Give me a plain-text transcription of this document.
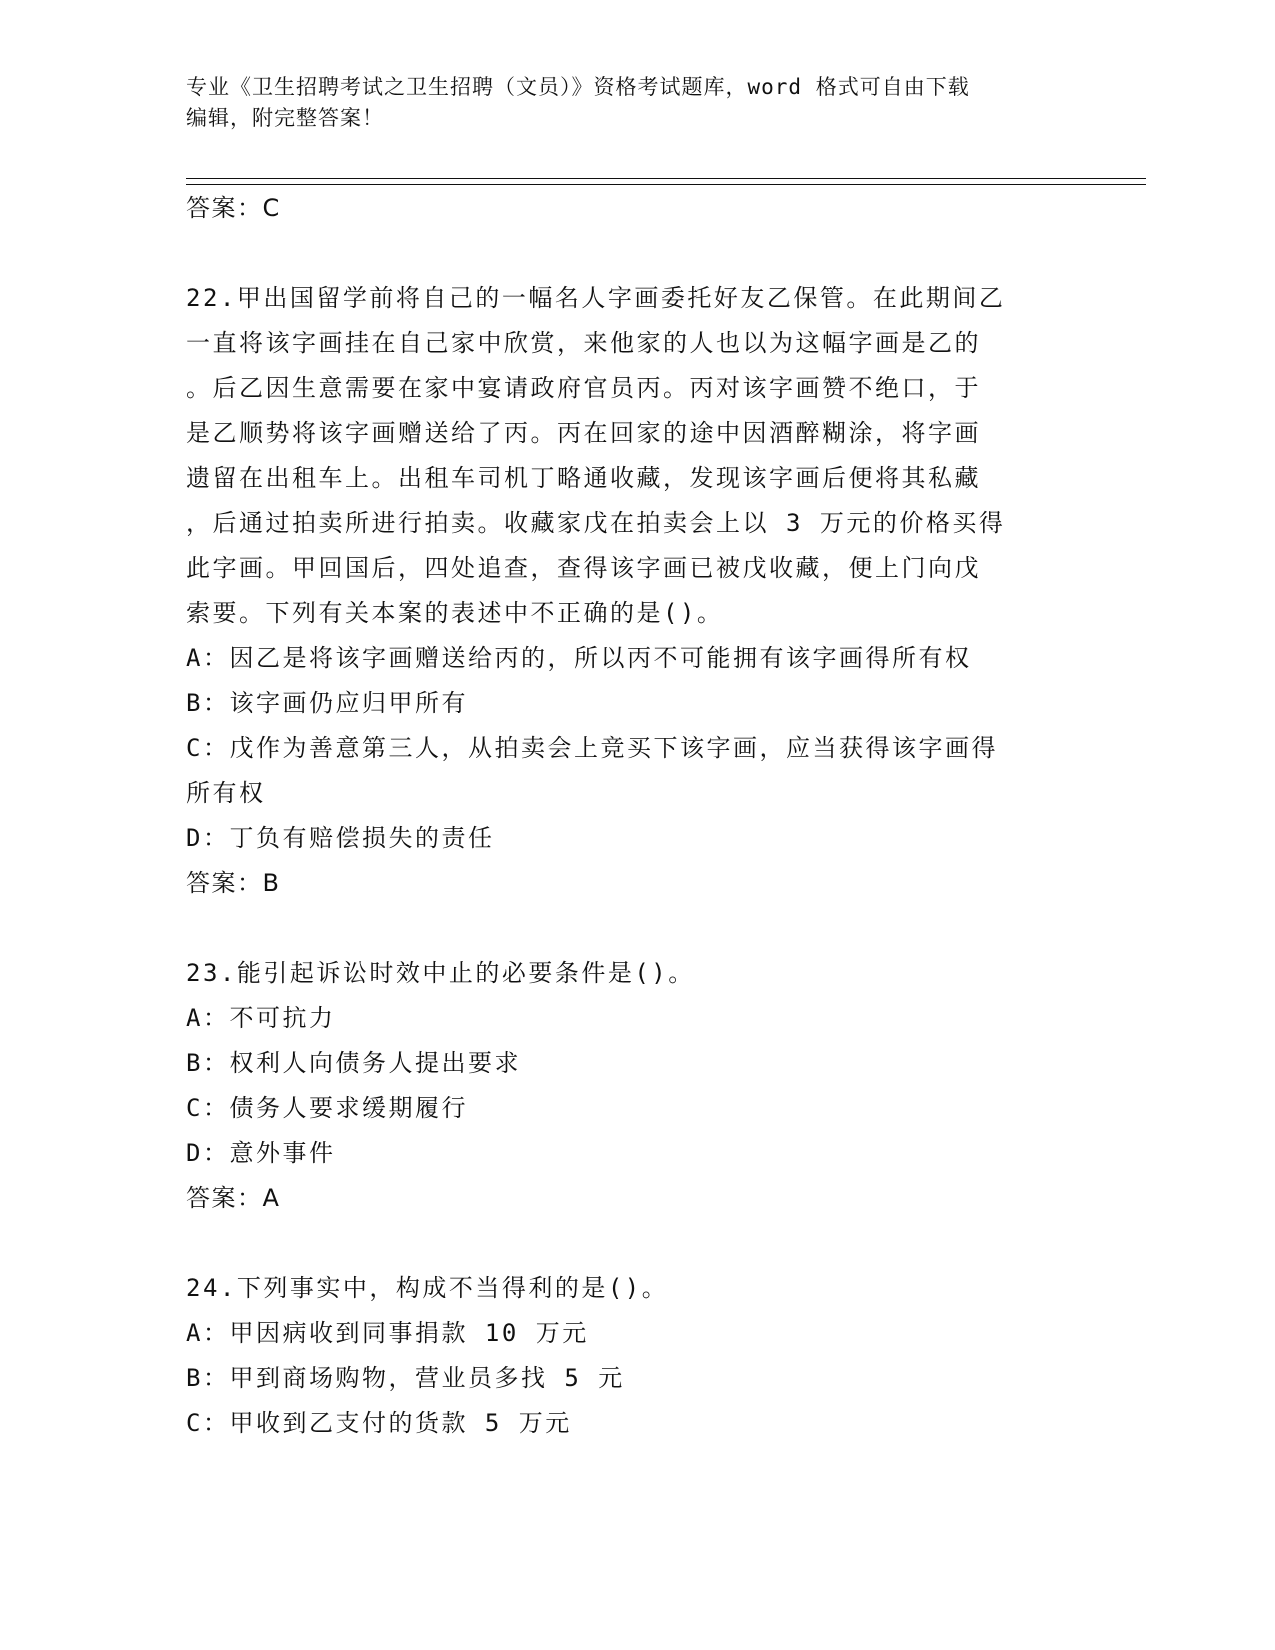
专业《卫生招聘考试之卫生招聘（文员）》资格考试题库，word 格式可自由下载
编辑，附完整答案！
答案：C
22.甲出国留学前将自己的一幅名人字画委托好友乙保管。在此期间乙
一直将该字画挂在自己家中欣赏，来他家的人也以为这幅字画是乙的
。后乙因生意需要在家中宴请政府官员丙。丙对该字画赞不绝口，于
是乙顺势将该字画赠送给了丙。丙在回家的途中因酒醉糊涂，将字画
遗留在出租车上。出租车司机丁略通收藏，发现该字画后便将其私藏
，后通过拍卖所进行拍卖。收藏家戊在拍卖会上以 3 万元的价格买得
此字画。甲回国后，四处追查，查得该字画已被戊收藏，便上门向戊
索要。下列有关本案的表述中不正确的是()。
A：因乙是将该字画赠送给丙的，所以丙不可能拥有该字画得所有权
B：该字画仍应归甲所有
C：戊作为善意第三人，从拍卖会上竞买下该字画，应当获得该字画得
所有权
D：丁负有赔偿损失的责任
答案：B
23.能引起诉讼时效中止的必要条件是()。
A：不可抗力
B：权利人向债务人提出要求
C：债务人要求缓期履行
D：意外事件
答案：A
24.下列事实中，构成不当得利的是()。
A：甲因病收到同事捐款 10 万元
B：甲到商场购物，营业员多找 5 元
C：甲收到乙支付的货款 5 万元
